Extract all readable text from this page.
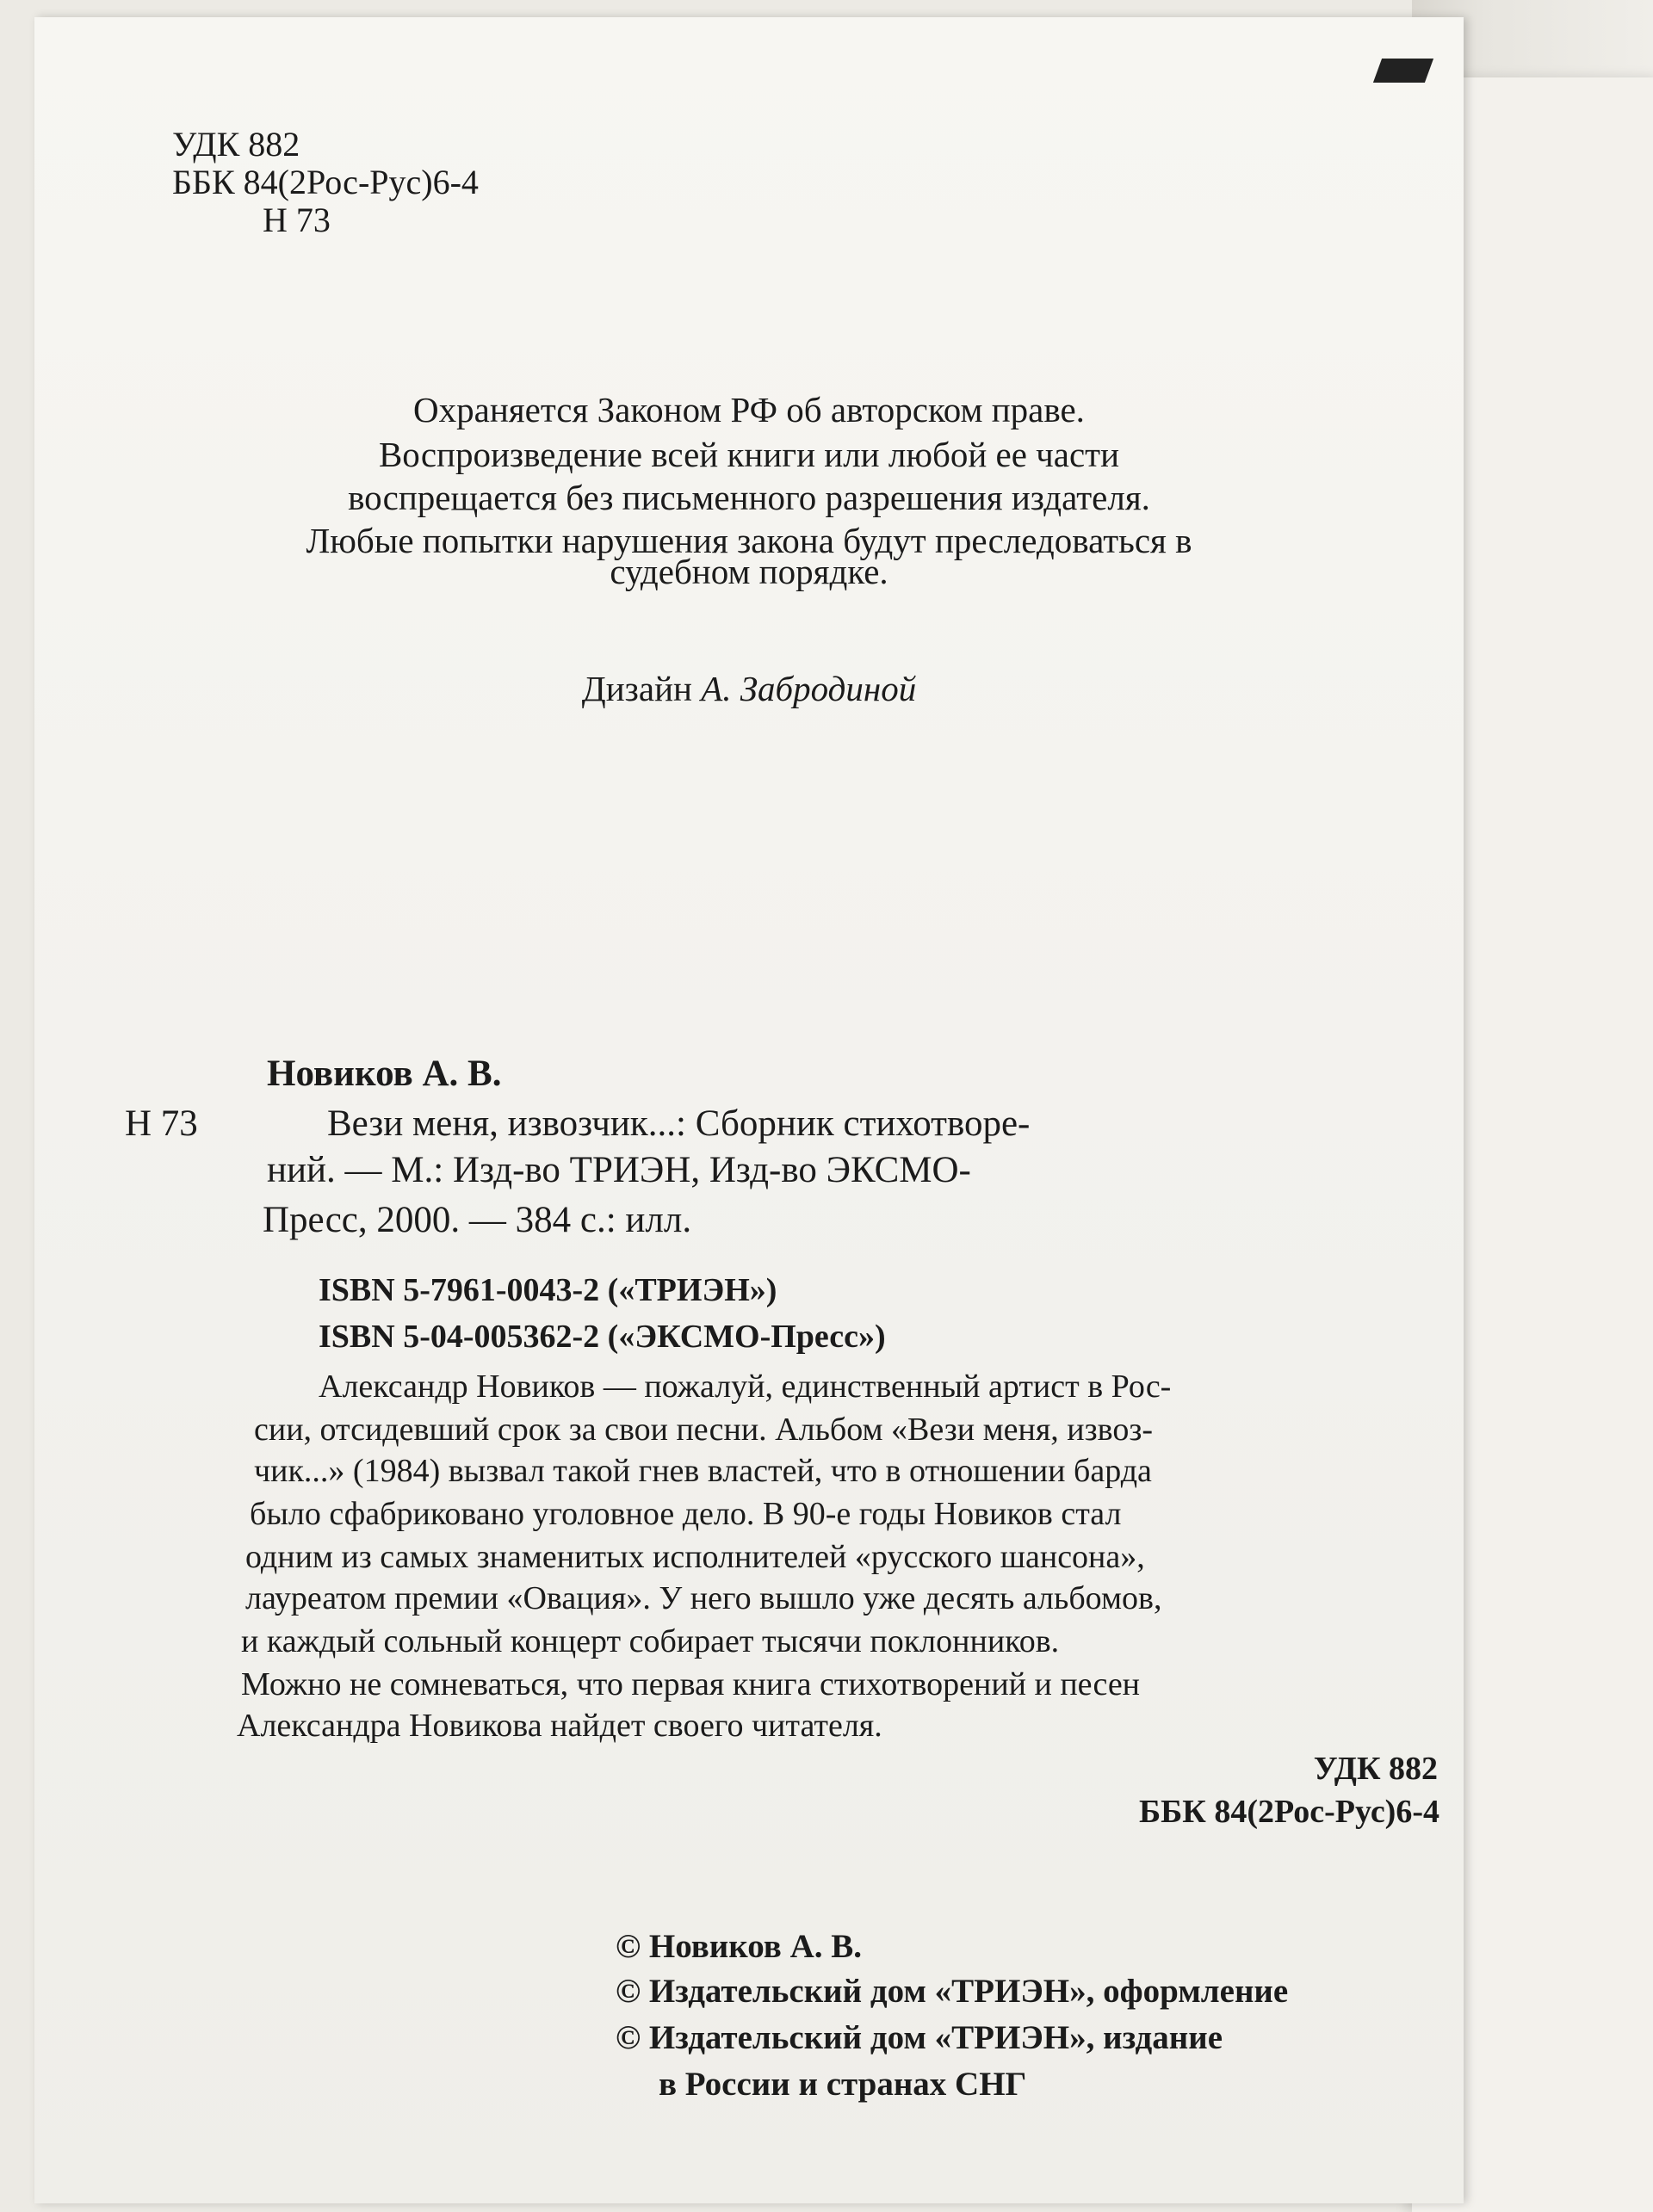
УДК 882
ББК 84(2Рос-Рус)6-4
Н 73
Охраняется Законом РФ об авторском праве.
Воспроизведение всей книги или любой ее части
воспрещается без письменного разрешения издателя.
Любые попытки нарушения закона будут преследоваться в
судебном порядке.
Дизайн А. Забродиной
Новиков А. В.
Н 73	Вези меня, извозчик...: Сборник стихотворе-
ний. — М.: Изд-во ТРИЭН, Изд-во ЭКСМО-
Пресс, 2000. — 384 с.: илл.
ISBN 5-7961-0043-2 («ТРИЭН»)
ISBN 5-04-005362-2 («ЭКСМО-Пресс»)
Александр Новиков — пожалуй, единственный артист в Рос-
сии, отсидевший срок за свои песни. Альбом «Вези меня, извоз-
чик...» (1984) вызвал такой гнев властей, что в отношении барда
было сфабриковано уголовное дело. В 90-е годы Новиков стал
одним из самых знаменитых исполнителей «русского шансона»,
лауреатом премии «Овация». У него вышло уже десять альбомов,
и каждый сольный концерт собирает тысячи поклонников.
Можно не сомневаться, что первая книга стихотворений и песен
Александра Новикова найдет своего читателя.
УДК 882
ББК 84(2Рос-Рус)6-4
© Новиков А. В.
© Издательский дом «ТРИЭН», оформление
© Издательский дом «ТРИЭН», издание
в России и странах СНГ
